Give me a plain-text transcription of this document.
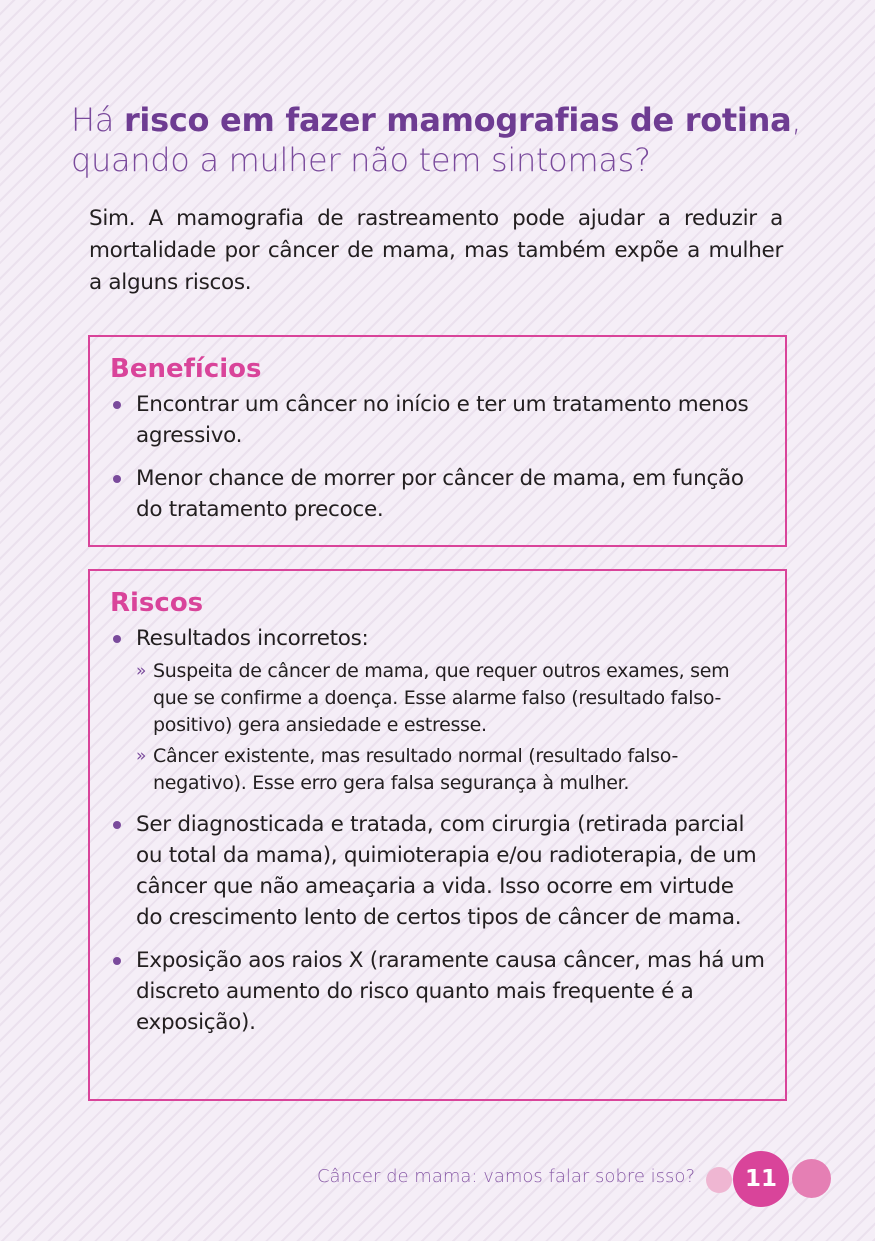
Há risco em fazer mamografias de rotina,
quando a mulher não tem sintomas?

Sim. A mamografia de rastreamento pode ajudar a reduzir a mortalidade por câncer de mama, mas também expõe a mulher a alguns riscos.

Benefícios
Encontrar um câncer no início e ter um tratamento menos agressivo.
Menor chance de morrer por câncer de mama, em função do tratamento precoce.
Riscos
Resultados incorretos:
» Suspeita de câncer de mama, que requer outros exames, sem que se confirme a doença. Esse alarme falso (resultado falso-positivo) gera ansiedade e estresse.
» Câncer existente, mas resultado normal (resultado falso-negativo). Esse erro gera falsa segurança à mulher.
Ser diagnosticada e tratada, com cirurgia (retirada parcial ou total da mama), quimioterapia e/ou radioterapia, de um câncer que não ameaçaria a vida. Isso ocorre em virtude do crescimento lento de certos tipos de câncer de mama.
Exposição aos raios X (raramente causa câncer, mas há um discreto aumento do risco quanto mais frequente é a exposição).
Câncer de mama: vamos falar sobre isso?	11
